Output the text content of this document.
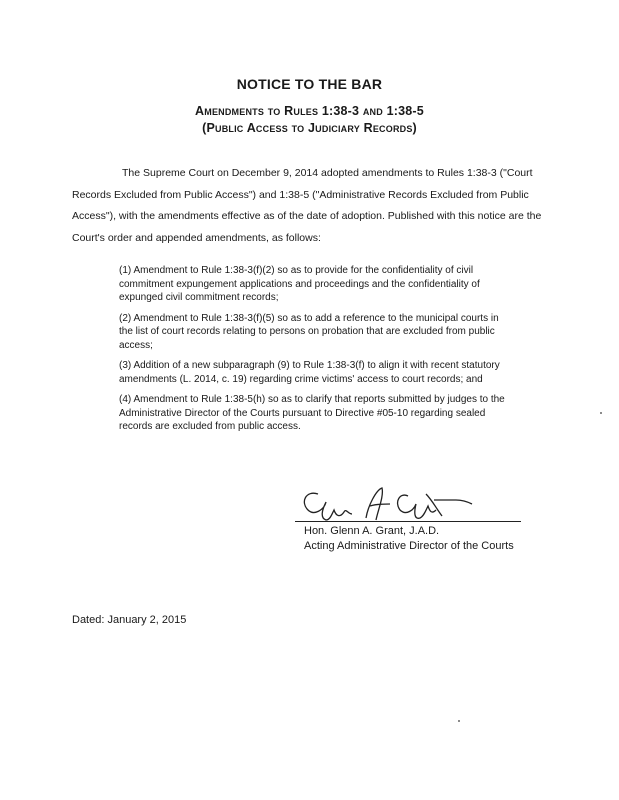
NOTICE TO THE BAR
Amendments to Rules 1:38-3 and 1:38-5
(Public Access to Judiciary Records)

The Supreme Court on December 9, 2014 adopted amendments to Rules 1:38-3 ("Court Records Excluded from Public Access") and 1:38-5 ("Administrative Records Excluded from Public Access"), with the amendments effective as of the date of adoption. Published with this notice are the Court's order and appended amendments, as follows:

(1) Amendment to Rule 1:38-3(f)(2) so as to provide for the confidentiality of civil commitment expungement applications and proceedings and the confidentiality of expunged civil commitment records;

(2) Amendment to Rule 1:38-3(f)(5) so as to add a reference to the municipal courts in the list of court records relating to persons on probation that are excluded from public access;

(3) Addition of a new subparagraph (9) to Rule 1:38-3(f) to align it with recent statutory amendments (L. 2014, c. 19) regarding crime victims' access to court records; and

(4) Amendment to Rule 1:38-5(h) so as to clarify that reports submitted by judges to the Administrative Director of the Courts pursuant to Directive #05-10 regarding sealed records are excluded from public access.

Hon. Glenn A. Grant, J.A.D.
Acting Administrative Director of the Courts
Dated: January 2, 2015
